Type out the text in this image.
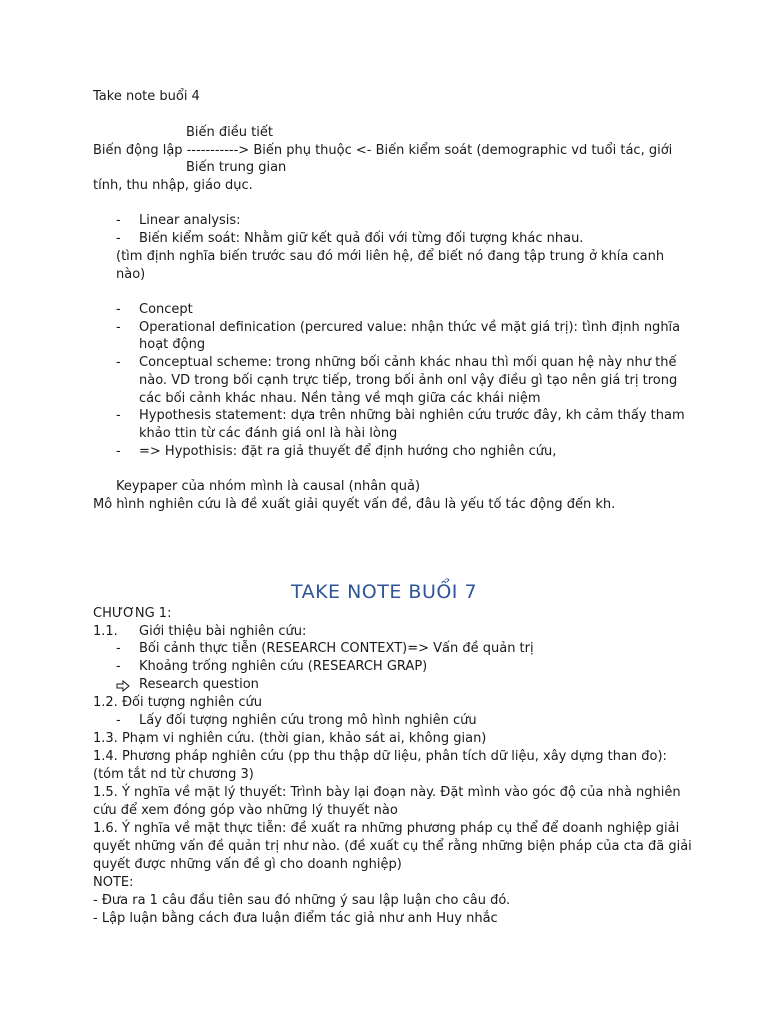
Take note buổi 4
Biến điều tiết
Biến động lập -----------> Biến phụ thuộc <- Biến kiểm soát (demographic vd tuổi tác, giới
Biến trung gian
tính, thu nhập, giáo dục.
- Linear analysis:
- Biến kiểm soát: Nhằm giữ kết quả đối với từng đối tượng khác nhau.
(tìm định nghĩa biến trước sau đó mới liên hệ, để biết nó đang tập trung ở khía canh
nào)
- Concept
- Operational definication (percured value: nhận thức về mặt giá trị): tình định nghĩa
hoạt động
- Conceptual scheme: trong những bối cảnh khác nhau thì mối quan hệ này như thế
nào. VD trong bối cạnh trực tiếp, trong bối ảnh onl vậy điều gì tạo nên giá trị trong
các bối cảnh khác nhau. Nền tảng về mqh giữa các khái niệm
- Hypothesis statement: dựa trên những bài nghiên cứu trước đây, kh cảm thấy tham
khảo ttin từ các đánh giá onl là hài lòng
- => Hypothisis: đặt ra giả thuyết để định hướng cho nghiên cứu,
Keypaper của nhóm mình là causal (nhân quả)
Mô hình nghiên cứu là đề xuất giải quyết vấn đề, đâu là yếu tố tác động đến kh.
TAKE NOTE BUỔI 7
CHƯƠNG 1:
1.1. Giới thiệu bài nghiên cứu:
- Bối cảnh thực tiễn (RESEARCH CONTEXT)=> Vấn đề quản trị
- Khoảng trống nghiên cứu (RESEARCH GRAP)
Research question
1.2. Đối tượng nghiên cứu
- Lấy đối tượng nghiên cứu trong mô hình nghiên cứu
1.3. Phạm vi nghiên cứu. (thời gian, khảo sát ai, không gian)
1.4. Phương pháp nghiên cứu (pp thu thập dữ liệu, phân tích dữ liệu, xây dựng than đo):
(tóm tắt nd từ chương 3)
1.5. Ý nghĩa về mặt lý thuyết: Trình bày lại đoạn này. Đặt mình vào góc độ của nhà nghiên
cứu để xem đóng góp vào những lý thuyết nào
1.6. Ý nghĩa về mặt thực tiễn: đề xuất ra những phương pháp cụ thể để doanh nghiệp giải
quyết những vấn đề quản trị như nào. (đề xuất cụ thể rằng những biện pháp của cta đã giải
quyết được những vấn đề gì cho doanh nghiệp)
NOTE:
- Đưa ra 1 câu đầu tiên sau đó những ý sau lập luận cho câu đó.
- Lập luận bằng cách đưa luận điểm tác giả như anh Huy nhắc
